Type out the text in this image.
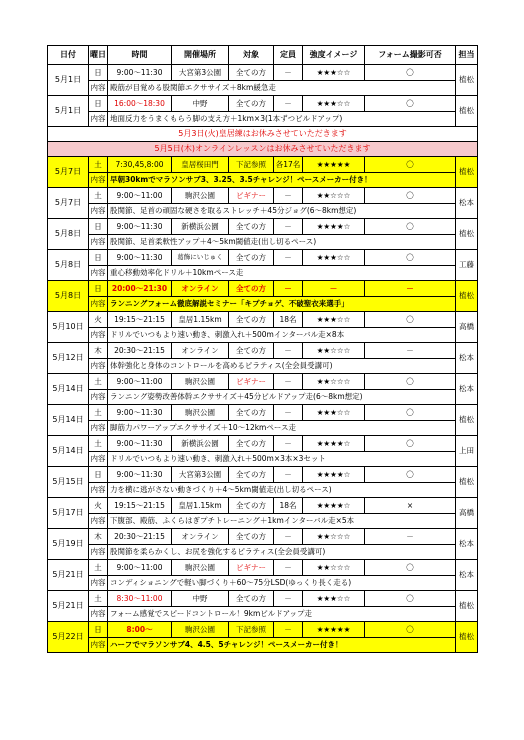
日付	曜日	時間	開催場所	対象	定員	強度イメージ	フォーム撮影可否	担当
5月1日	日	9:00～11:30	大宮第3公園	全ての方	－	★★★☆☆	〇	植松
	内容	殿筋が目覚める股関節エクササイズ＋8km緩急走						
5月1日	日	16:00～18:30	中野	全ての方	－	★★★☆☆	〇	植松
	内容	地面反力をうまくもらう脚の支え方＋1km×3(1本ずつビルドアップ)						
5月3日(火)皇居練はお休みさせていただきます								
5月5日(木)オンラインレッスンはお休みさせていただきます								
5月7日	土	7:30,45,8:00	皇居桜田門	下記参照	各17名	★★★★★	〇	植松
	内容	早朝30kmでマラソンサブ3、3.25、3.5チャレンジ！ペースメーカー付き！						
5月7日	土	9:00～11:00	駒沢公園	ビギナー	－	★★☆☆☆	〇	松本
	内容	股関節、足首の頑固な硬さを取るストレッチ＋45分ジョグ(6～8km想定)						
5月8日	日	9:00～11:30	新横浜公園	全ての方	－	★★★★☆	〇	植松
	内容	股関節、足首柔軟性アップ＋4～5km閾値走(出し切るペース)						
5月8日	日	9:00～11:30	葛飾にいじゅく	全ての方	－	★★★☆☆	〇	工藤
	内容	重心移動効率化ドリル＋10kmペース走						
5月8日	日	20:00～21:30	オンライン	全ての方	－	－	－	植松
	内容	ランニングフォーム徹底解説セミナー「キプチョゲ、不破聖衣来選手」						
5月10日	火	19:15～21:15	皇居1.15km	全ての方	18名	★★★☆☆	〇	高橋
	内容	ドリルでいつもより速い動き、刺激入れ＋500mインターバル走×8本						
5月12日	木	20:30～21:15	オンライン	全ての方	－	★★☆☆☆	－	松本
	内容	体幹強化と身体のコントロールを高めるピラティス(全会員受講可)						
5月14日	土	9:00～11:00	駒沢公園	ビギナー	－	★★☆☆☆	〇	松本
	内容	ランニング姿勢改善体幹エクササイズ＋45分ビルドアップ走(6～8km想定)						
5月14日	土	9:00～11:30	駒沢公園	全ての方	－	★★★☆☆	〇	植松
	内容	脚筋力パワーアップエクササイズ＋10～12kmペース走						
5月14日	土	9:00～11:30	新横浜公園	全ての方	－	★★★★☆	〇	上田
	内容	ドリルでいつもより速い動き、刺激入れ＋500m×3本×3セット						
5月15日	日	9:00～11:30	大宮第3公園	全ての方	－	★★★★☆	〇	植松
	内容	力を横に逃がさない動きづくり＋4～5km閾値走(出し切るペース)						
5月17日	火	19:15～21:15	皇居1.15km	全ての方	18名	★★★★☆	×	高橋
	内容	下腹部、殿筋、ふくらはぎプチトレーニング＋1kmインターバル走×5本						
5月19日	木	20:30～21:15	オンライン	全ての方	－	★★☆☆☆	－	松本
	内容	股関節を柔らかくし、お尻を強化するピラティス(全会員受講可)						
5月21日	土	9:00～11:00	駒沢公園	ビギナー	－	★★☆☆☆	〇	松本
	内容	コンディショニングで軽い脚づくり＋60～75分LSD(ゆっくり長く走る)						
5月21日	土	8:30～11:00	中野	全ての方	－	★★★☆☆	〇	植松
	内容	フォーム感覚でスピードコントロール！9kmビルドアップ走						
5月22日	日	8:00～	駒沢公園	下記参照	－	★★★★★	〇	植松
	内容	ハーフでマラソンサブ4、4.5、5チャレンジ！ペースメーカー付き！						
